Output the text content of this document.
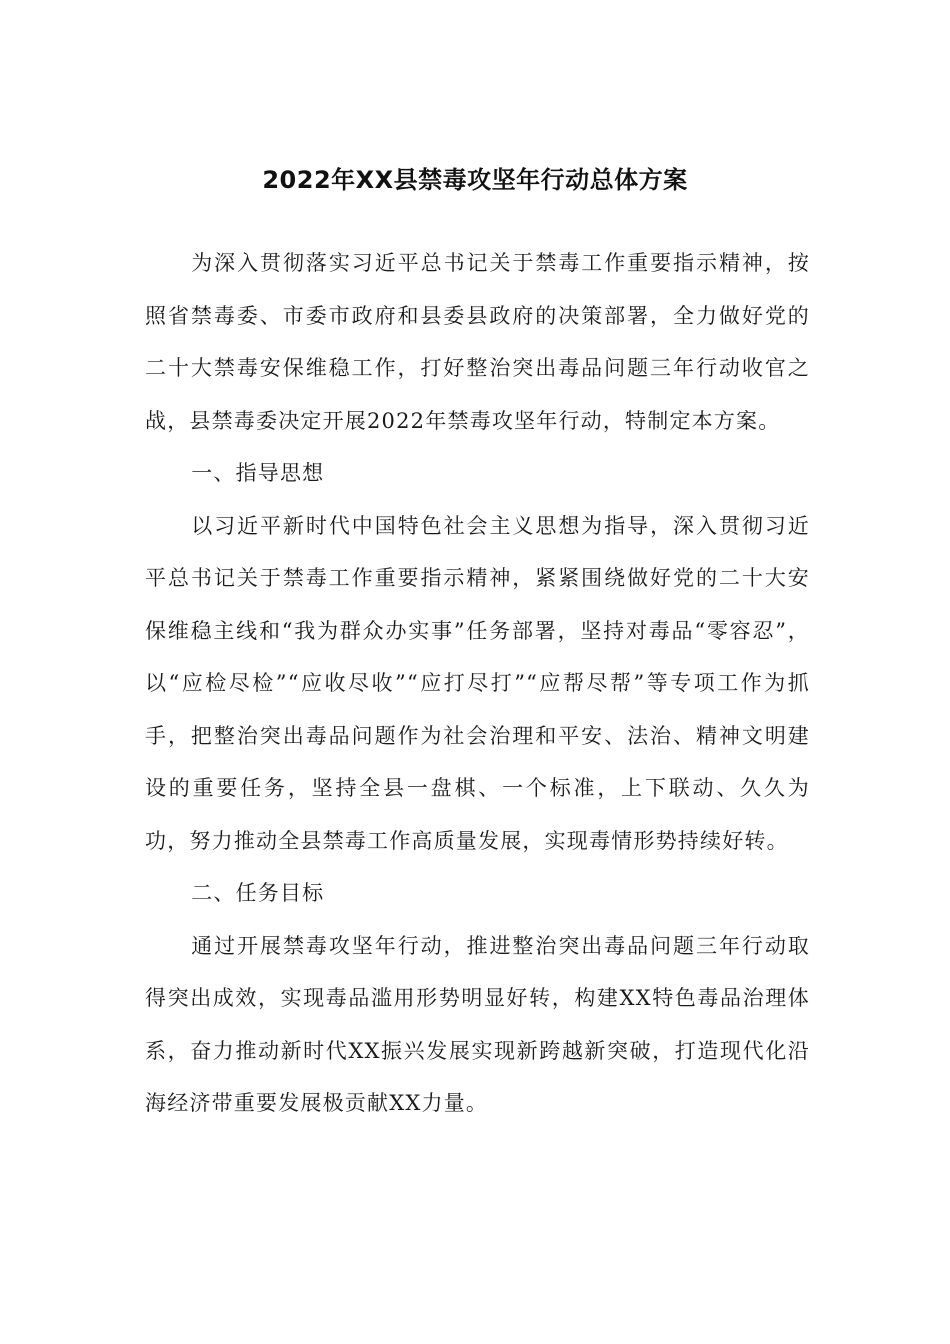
2022年XX县禁毒攻坚年行动总体方案

为深入贯彻落实习近平总书记关于禁毒工作重要指示精神，按照省禁毒委、市委市政府和县委县政府的决策部署，全力做好党的二十大禁毒安保维稳工作，打好整治突出毒品问题三年行动收官之战，县禁毒委决定开展2022年禁毒攻坚年行动，特制定本方案。

一、指导思想

以习近平新时代中国特色社会主义思想为指导，深入贯彻习近平总书记关于禁毒工作重要指示精神，紧紧围绕做好党的二十大安保维稳主线和“我为群众办实事”任务部署，坚持对毒品“零容忍”，以“应检尽检”“应收尽收”“应打尽打”“应帮尽帮”等专项工作为抓手，把整治突出毒品问题作为社会治理和平安、法治、精神文明建设的重要任务，坚持全县一盘棋、一个标准，上下联动、久久为功，努力推动全县禁毒工作高质量发展，实现毒情形势持续好转。

二、任务目标

通过开展禁毒攻坚年行动，推进整治突出毒品问题三年行动取得突出成效，实现毒品滥用形势明显好转，构建XX特色毒品治理体系，奋力推动新时代XX振兴发展实现新跨越新突破，打造现代化沿海经济带重要发展极贡献XX力量。
